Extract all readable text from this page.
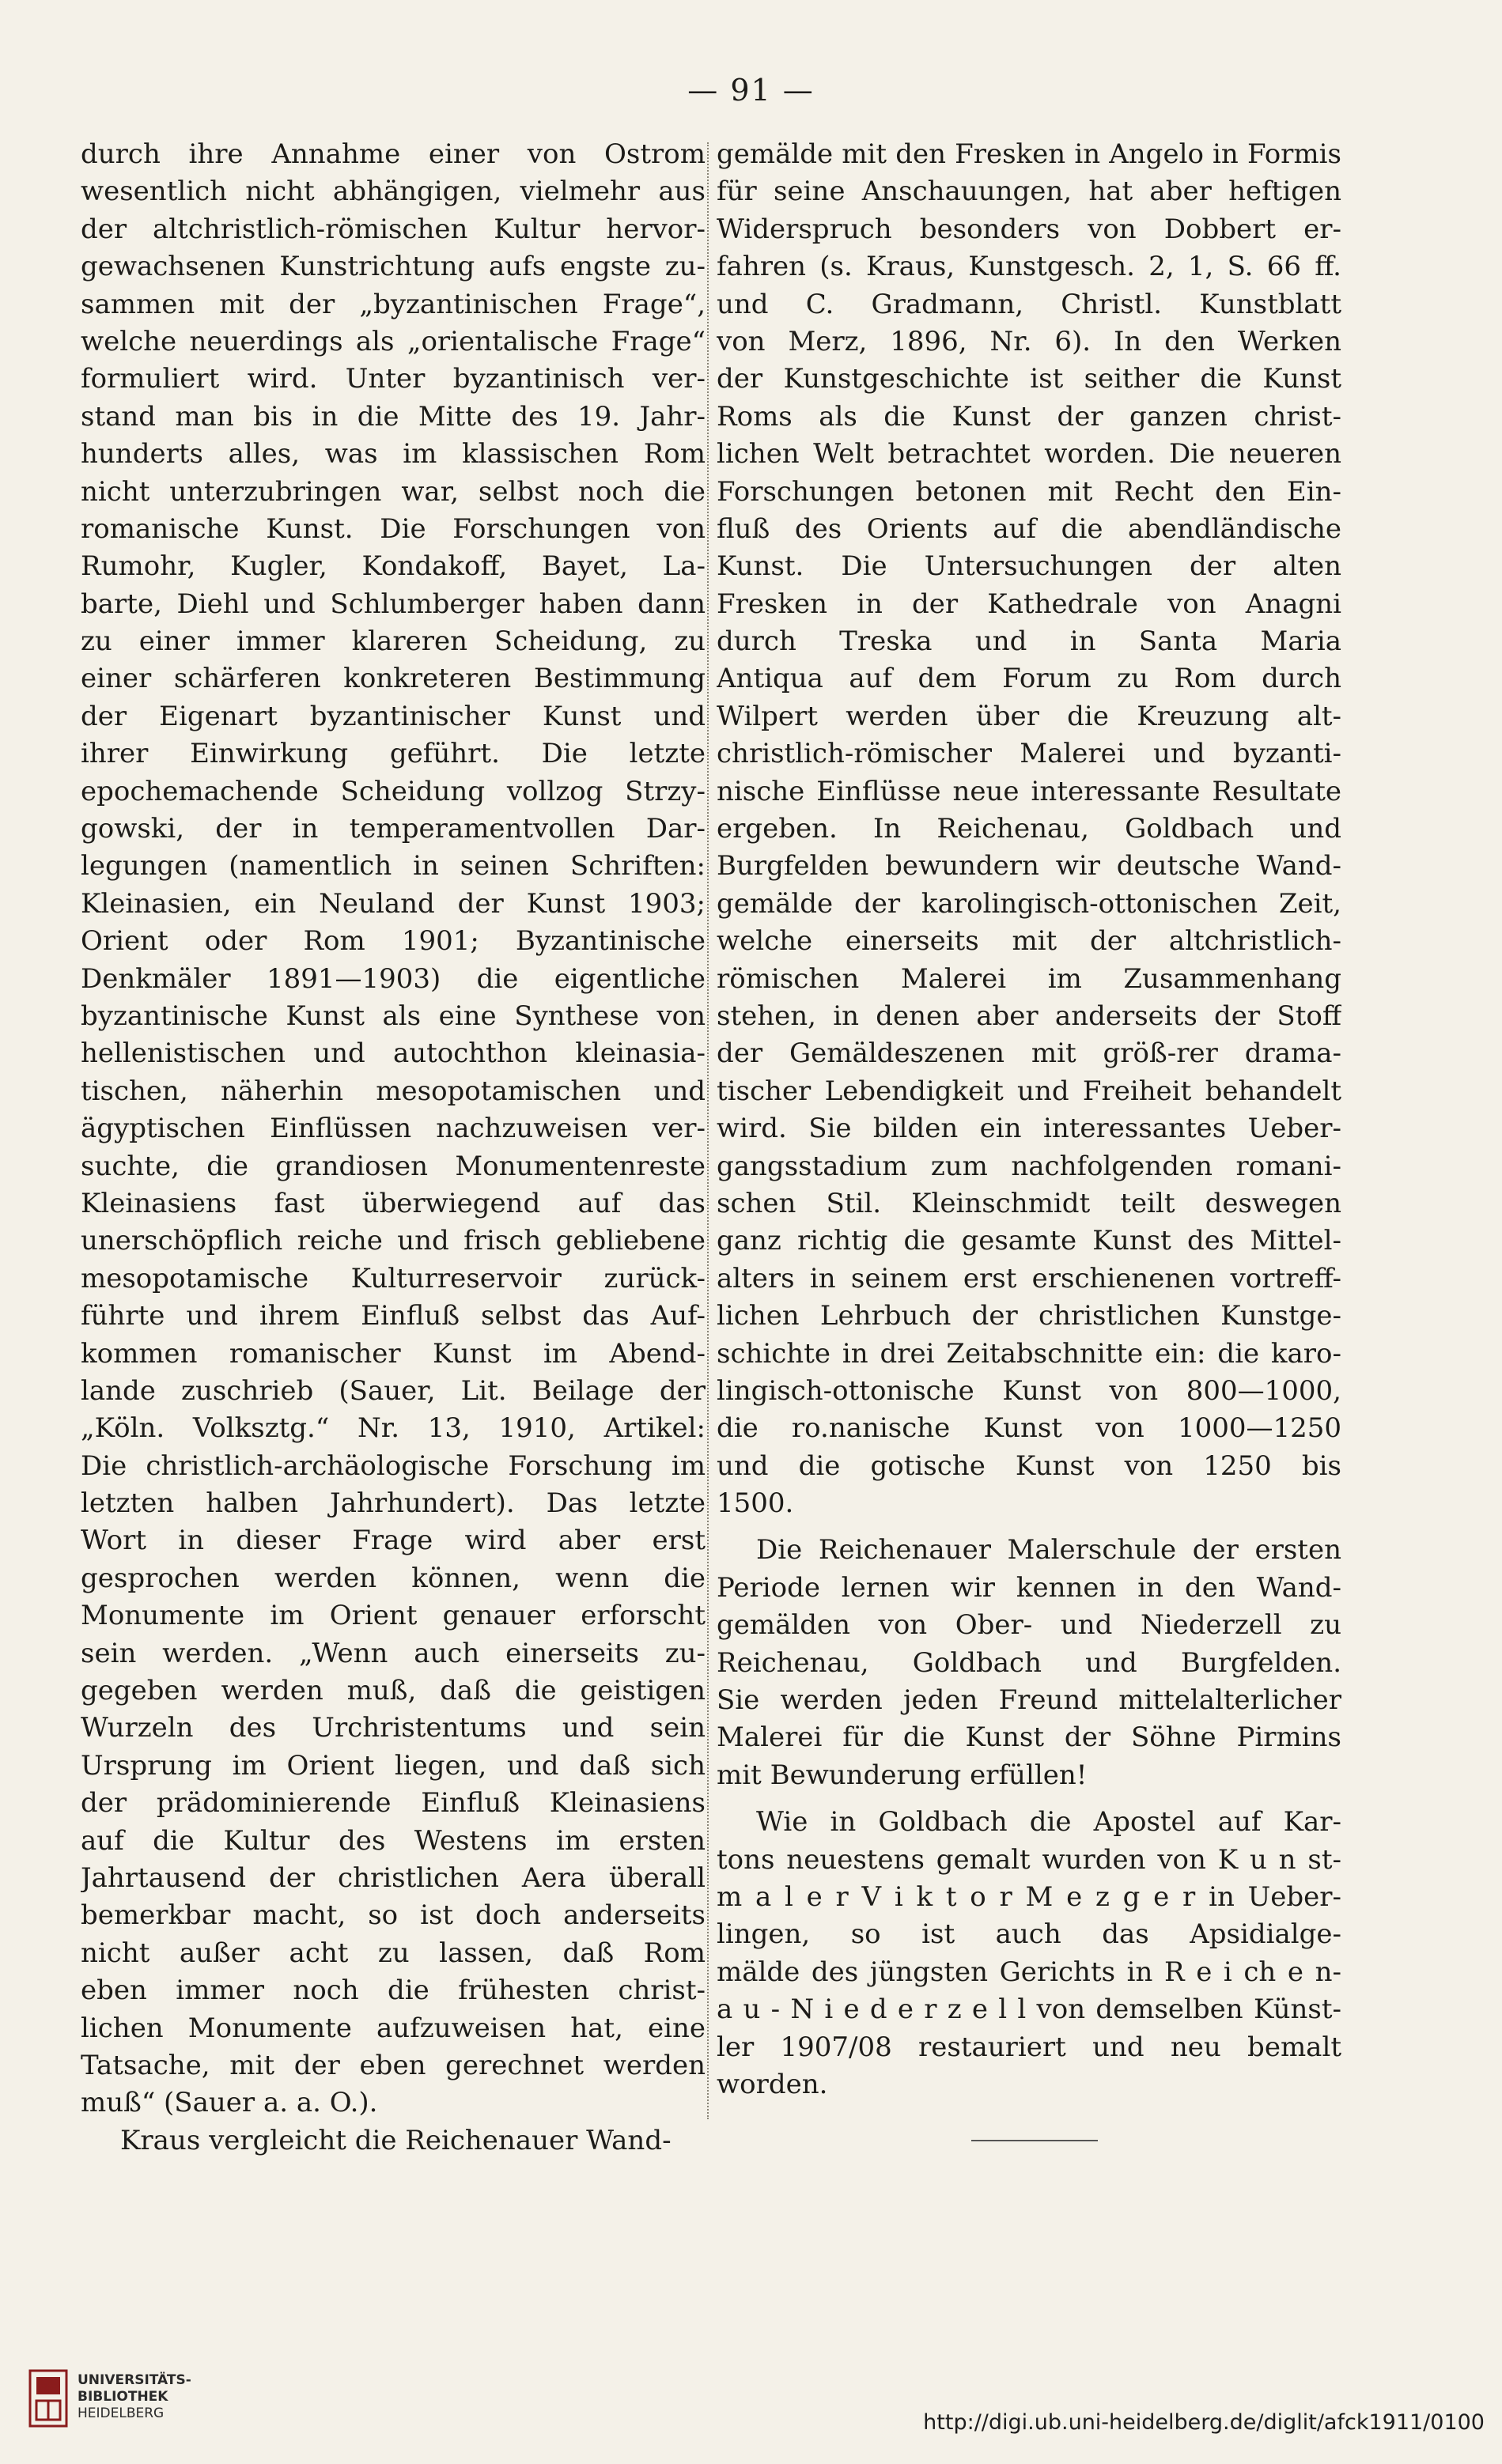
— 91 —
durch ihre Annahme einer von Ostrom
wesentlich nicht abhängigen, vielmehr aus
der altchristlich-römischen Kultur hervor-
gewachsenen Kunstrichtung aufs engste zu-
sammen mit der „byzantinischen Frage“,
welche neuerdings als „orientalische Frage“
formuliert wird. Unter byzantinisch ver-
stand man bis in die Mitte des 19. Jahr-
hunderts alles, was im klassischen Rom
nicht unterzubringen war, selbst noch die
romanische Kunst. Die Forschungen von
Rumohr, Kugler, Kondakoff, Bayet, La-
barte, Diehl und Schlumberger haben dann
zu einer immer klareren Scheidung, zu
einer schärferen konkreteren Bestimmung
der Eigenart byzantinischer Kunst und
ihrer Einwirkung geführt. Die letzte
epochemachende Scheidung vollzog Strzy-
gowski, der in temperamentvollen Dar-
legungen (namentlich in seinen Schriften:
Kleinasien, ein Neuland der Kunst 1903;
Orient oder Rom 1901; Byzantinische
Denkmäler 1891—1903) die eigentliche
byzantinische Kunst als eine Synthese von
hellenistischen und autochthon kleinasia-
tischen, näherhin mesopotamischen und
ägyptischen Einflüssen nachzuweisen ver-
suchte, die grandiosen Monumentenreste
Kleinasiens fast überwiegend auf das
unerschöpflich reiche und frisch gebliebene
mesopotamische Kulturreservoir zurück-
führte und ihrem Einfluß selbst das Auf-
kommen romanischer Kunst im Abend-
lande zuschrieb (Sauer, Lit. Beilage der
„Köln. Volksztg.“ Nr. 13, 1910, Artikel:
Die christlich-archäologische Forschung im
letzten halben Jahrhundert). Das letzte
Wort in dieser Frage wird aber erst
gesprochen werden können, wenn die
Monumente im Orient genauer erforscht
sein werden. „Wenn auch einerseits zu-
gegeben werden muß, daß die geistigen
Wurzeln des Urchristentums und sein
Ursprung im Orient liegen, und daß sich
der prädominierende Einfluß Kleinasiens
auf die Kultur des Westens im ersten
Jahrtausend der christlichen Aera überall
bemerkbar macht, so ist doch anderseits
nicht außer acht zu lassen, daß Rom
eben immer noch die frühesten christ-
lichen Monumente aufzuweisen hat, eine
Tatsache, mit der eben gerechnet werden
muß“ (Sauer a. a. O.).
Kraus vergleicht die Reichenauer Wand-
gemälde mit den Fresken in Angelo in Formis
für seine Anschauungen, hat aber heftigen
Widerspruch besonders von Dobbert er-
fahren (s. Kraus, Kunstgesch. 2, 1, S. 66 ff.
und C. Gradmann, Christl. Kunstblatt
von Merz, 1896, Nr. 6). In den Werken
der Kunstgeschichte ist seither die Kunst
Roms als die Kunst der ganzen christ-
lichen Welt betrachtet worden. Die neueren
Forschungen betonen mit Recht den Ein-
fluß des Orients auf die abendländische
Kunst. Die Untersuchungen der alten
Fresken in der Kathedrale von Anagni
durch Treska und in Santa Maria
Antiqua auf dem Forum zu Rom durch
Wilpert werden über die Kreuzung alt-
christlich-römischer Malerei und byzanti-
nische Einflüsse neue interessante Resultate
ergeben. In Reichenau, Goldbach und
Burgfelden bewundern wir deutsche Wand-
gemälde der karolingisch-ottonischen Zeit,
welche einerseits mit der altchristlich-
römischen Malerei im Zusammenhang
stehen, in denen aber anderseits der Stoff
der Gemäldeszenen mit größ-rer drama-
tischer Lebendigkeit und Freiheit behandelt
wird. Sie bilden ein interessantes Ueber-
gangsstadium zum nachfolgenden romani-
schen Stil. Kleinschmidt teilt deswegen
ganz richtig die gesamte Kunst des Mittel-
alters in seinem erst erschienenen vortreff-
lichen Lehrbuch der christlichen Kunstge-
schichte in drei Zeitabschnitte ein: die karo-
lingisch-ottonische Kunst von 800—1000,
die ro.nanische Kunst von 1000—1250
und die gotische Kunst von 1250 bis
1500.
Die Reichenauer Malerschule der ersten
Periode lernen wir kennen in den Wand-
gemälden von Ober- und Niederzell zu
Reichenau, Goldbach und Burgfelden.
Sie werden jeden Freund mittelalterlicher
Malerei für die Kunst der Söhne Pirmins
mit Bewunderung erfüllen!
Wie in Goldbach die Apostel auf Kar-
tons neuestens gemalt wurden von K u n st-
m a l e r V i k t o r M e z g e r in Ueber-
lingen, so ist auch das Apsidialge-
mälde des jüngsten Gerichts in R e i ch e n-
a u - N i e d e r z e l l von demselben Künst-
ler 1907/08 restauriert und neu bemalt
worden.
UNIVERSITÄTS-
BIBLIOTHEK
HEIDELBERG	http://digi.ub.uni-heidelberg.de/diglit/afck1911/0100
